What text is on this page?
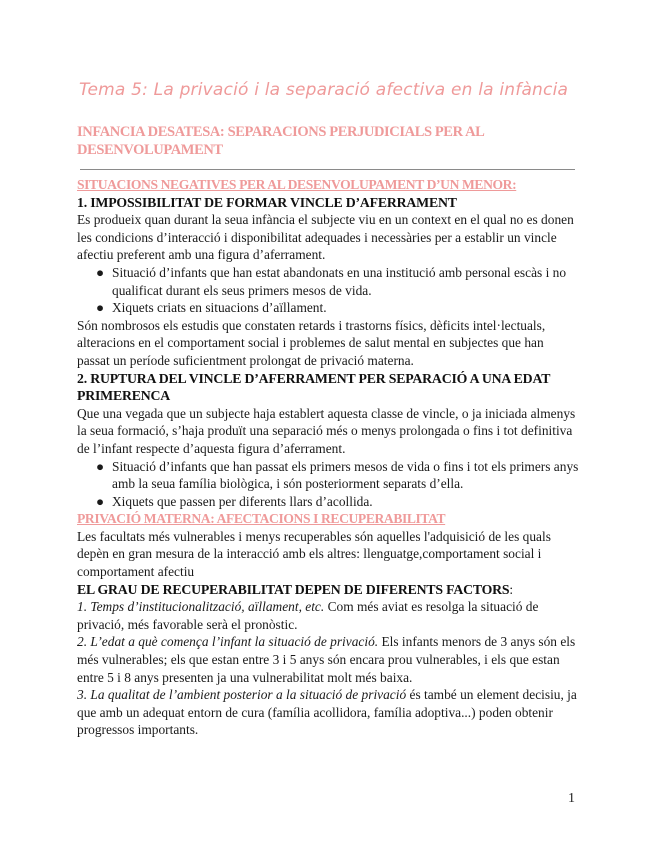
Tema 5: La privació i la separació afectiva en la infància
INFANCIA DESATESA: SEPARACIONS PERJUDICIALS PER AL DESENVOLUPAMENT

SITUACIONS NEGATIVES PER AL DESENVOLUPAMENT D’UN MENOR:

1. IMPOSSIBILITAT DE FORMAR VINCLE D’AFERRAMENT

Es produeix quan durant la seua infància el subjecte viu en un context en el qual no es donen les condicions d’interacció i disponibilitat adequades i necessàries per a establir un vincle afectiu preferent amb una figura d’aferrament.

● Situació d’infants que han estat abandonats en una institució amb personal escàs i no qualificat durant els seus primers mesos de vida.
● Xiquets criats en situacions d’aïllament.

Són nombrosos els estudis que constaten retards i trastorns físics, dèficits intel·lectuals, alteracions en el comportament social i problemes de salut mental en subjectes que han passat un període suficientment prolongat de privació materna.

2. RUPTURA DEL VINCLE D’AFERRAMENT PER SEPARACIÓ A UNA EDAT PRIMERENCA

Que una vegada que un subjecte haja establert aquesta classe de vincle, o ja iniciada almenys la seua formació, s’haja produït una separació més o menys prolongada o fins i tot definitiva de l’infant respecte d’aquesta figura d’aferrament.

● Situació d’infants que han passat els primers mesos de vida o fins i tot els primers anys amb la seua família biològica, i són posteriorment separats d’ella.
● Xiquets que passen per diferents llars d’acollida.

PRIVACIÓ MATERNA: AFECTACIONS I RECUPERABILITAT

Les facultats més vulnerables i menys recuperables són aquelles l'adquisició de les quals depèn en gran mesura de la interacció amb els altres: llenguatge,comportament social i comportament afectiu

EL GRAU DE RECUPERABILITAT DEPEN DE DIFERENTS FACTORS:

1. Temps d’institucionalització, aïllament, etc. Com més aviat es resolga la situació de privació, més favorable serà el pronòstic.

2. L’edat a què comença l’infant la situació de privació. Els infants menors de 3 anys són els més vulnerables; els que estan entre 3 i 5 anys són encara prou vulnerables, i els que estan entre 5 i 8 anys presenten ja una vulnerabilitat molt més baixa.

3. La qualitat de l’ambient posterior a la situació de privació és també un element decisiu, ja que amb un adequat entorn de cura (família acollidora, família adoptiva...) poden obtenir progressos importants.

1
